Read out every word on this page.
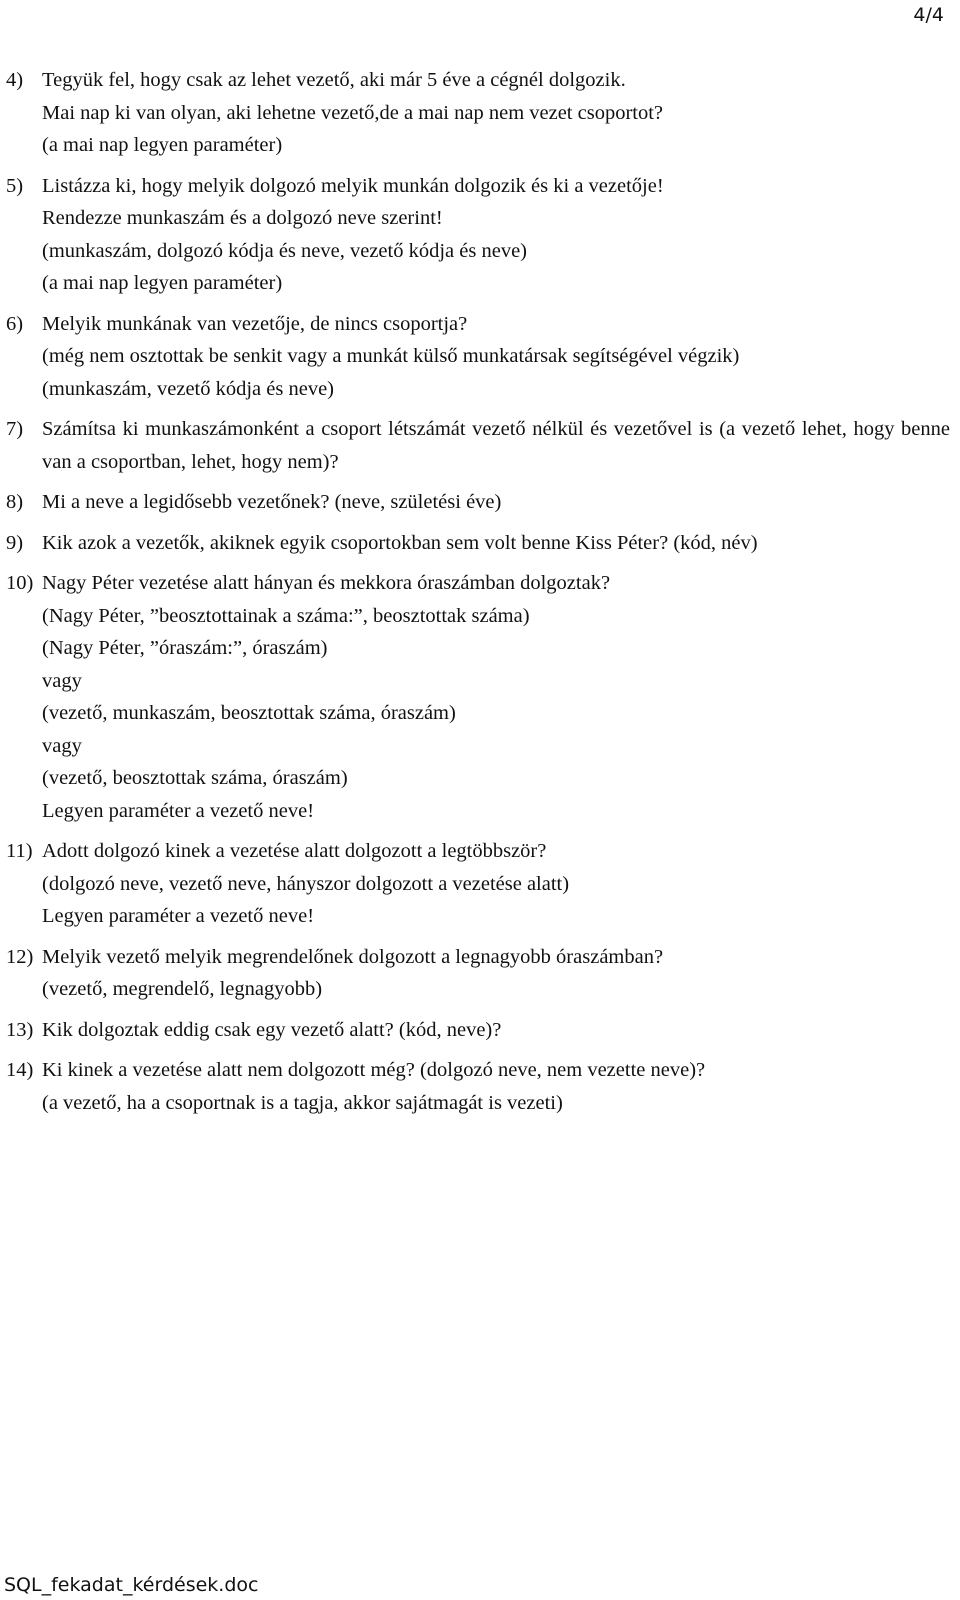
4/4
4) Tegyük fel, hogy csak az lehet vezető, aki már 5 éve a cégnél dolgozik.
Mai nap ki van olyan, aki lehetne vezető,de a mai nap nem vezet csoportot?
(a mai nap legyen paraméter)
5) Listázza ki, hogy melyik dolgozó melyik munkán dolgozik és ki a vezetője!
Rendezze munkaszám és a dolgozó neve szerint!
(munkaszám, dolgozó kódja és neve, vezető kódja és neve)
(a mai nap legyen paraméter)
6) Melyik munkának van vezetője, de nincs csoportja?
(még nem osztottak be senkit vagy a munkát külső munkatársak segítségével végzik)
(munkaszám, vezető kódja és neve)
7) Számítsa ki munkaszámonként a csoport létszámát vezető nélkül és vezetővel is (a vezető lehet, hogy benne van a csoportban, lehet, hogy nem)?
8) Mi a neve a legidősebb vezetőnek? (neve, születési éve)
9) Kik azok a vezetők, akiknek egyik csoportokban sem volt benne Kiss Péter? (kód, név)
10) Nagy Péter vezetése alatt hányan és mekkora óraszámban dolgoztak?
(Nagy Péter, ”beosztottainak a száma:”, beosztottak száma)
(Nagy Péter, ”óraszám:”, óraszám)
vagy
(vezető, munkaszám, beosztottak száma, óraszám)
vagy
(vezető, beosztottak száma, óraszám)
Legyen paraméter a vezető neve!
11) Adott dolgozó kinek a vezetése alatt dolgozott a legtöbbször?
(dolgozó neve, vezető neve, hányszor dolgozott a vezetése alatt)
Legyen paraméter a vezető neve!
12) Melyik vezető melyik megrendelőnek dolgozott a legnagyobb óraszámban?
(vezető, megrendelő, legnagyobb)
13) Kik dolgoztak eddig csak egy vezető alatt? (kód, neve)?
14) Ki kinek a vezetése alatt nem dolgozott még? (dolgozó neve, nem vezette neve)?
(a vezető, ha a csoportnak is a tagja, akkor sajátmagát is vezeti)
SQL_fekadat_kérdések.doc
